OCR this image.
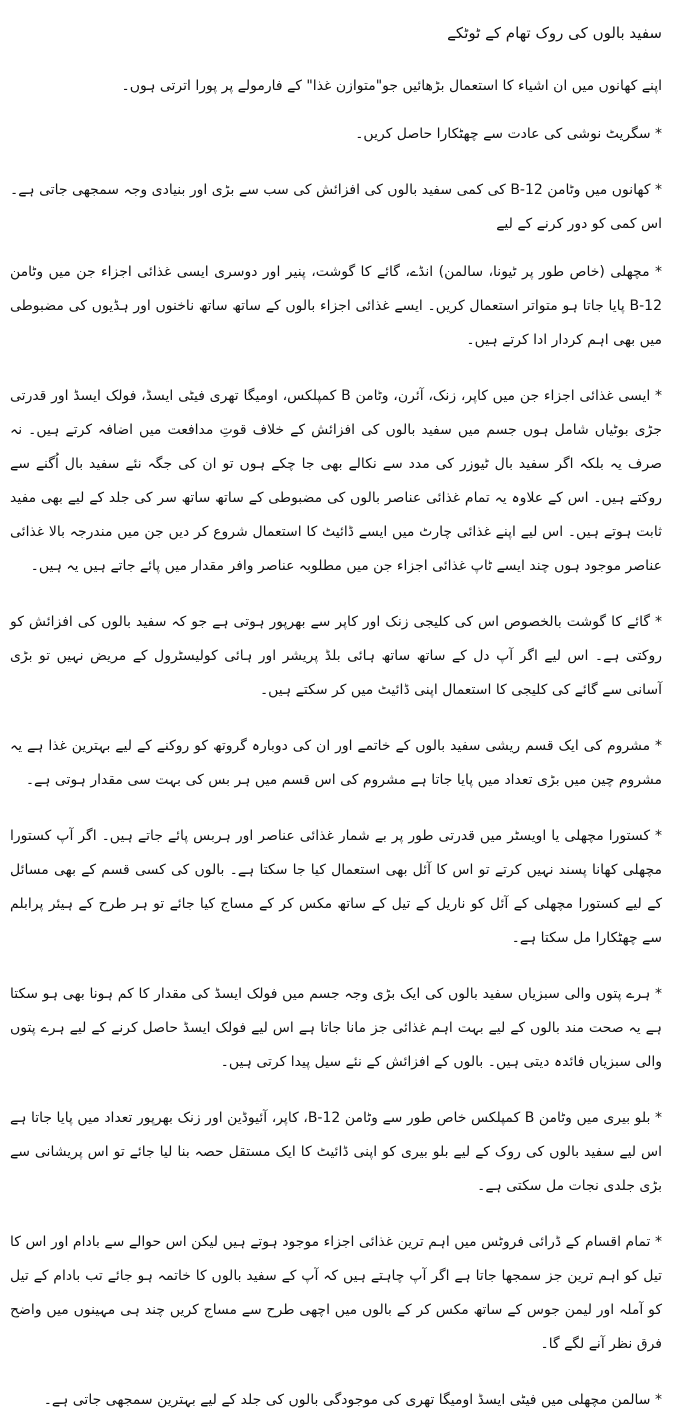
سفید بالوں کی روک تھام کے ٹوٹکے

اپنے کھانوں میں ان اشیاء کا استعمال بڑھائیں جو"متوازن غذا" کے فارمولے پر پورا اترتی ہوں۔

* سگریٹ نوشی کی عادت سے چھٹکارا حاصل کریں۔

* کھانوں میں وٹامن B-12 کی کمی سفید بالوں کی افزائش کی سب سے بڑی اور بنیادی وجہ سمجھی جاتی ہے۔ اس کمی کو دور کرنے کے لیے

* مچھلی (خاص طور پر ٹیونا، سالمن) انڈے، گائے کا گوشت، پنیر اور دوسری ایسی غذائی اجزاء جن میں وٹامن B-12 پایا جاتا ہو متواتر استعمال کریں۔ ایسے غذائی اجزاء بالوں کے ساتھ ساتھ ناخنوں اور ہڈیوں کی مضبوطی میں بھی اہم کردار ادا کرتے ہیں۔

* ایسی غذائی اجزاء جن میں کاپر، زنک، آئرن، وٹامن B کمپلکس، اومیگا تھری فیٹی ایسڈ، فولک ایسڈ اور قدرتی جڑی بوٹیاں شامل ہوں جسم میں سفید بالوں کی افزائش کے خلاف قوتِ مدافعت میں اضافہ کرتے ہیں۔ نہ صرف یہ بلکہ اگر سفید بال ٹیوزر کی مدد سے نکالے بھی جا چکے ہوں تو ان کی جگہ نئے سفید بال اُگنے سے روکتے ہیں۔ اس کے علاوہ یہ تمام غذائی عناصر بالوں کی مضبوطی کے ساتھ ساتھ سر کی جلد کے لیے بھی مفید ثابت ہوتے ہیں۔ اس لیے اپنے غذائی چارٹ میں ایسے ڈائیٹ کا استعمال شروع کر دیں جن میں مندرجہ بالا غذائی عناصر موجود ہوں چند ایسے ٹاپ غذائی اجزاء جن میں مطلوبہ عناصر وافر مقدار میں پائے جاتے ہیں یہ ہیں۔

* گائے کا گوشت بالخصوص اس کی کلیجی زنک اور کاپر سے بھرپور ہوتی ہے جو کہ سفید بالوں کی افزائش کو روکتی ہے۔ اس لیے اگر آپ دل کے ساتھ ساتھ ہائی بلڈ پریشر اور ہائی کولیسٹرول کے مریض نہیں تو بڑی آسانی سے گائے کی کلیجی کا استعمال اپنی ڈائیٹ میں کر سکتے ہیں۔

* مشروم کی ایک قسم ریشی سفید بالوں کے خاتمے اور ان کی دوبارہ گروتھ کو روکنے کے لیے بہترین غذا ہے یہ مشروم چین میں بڑی تعداد میں پایا جاتا ہے مشروم کی اس قسم میں ہر بس کی بہت سی مقدار ہوتی ہے۔

* کستورا مچھلی یا اویسٹر میں قدرتی طور پر بے شمار غذائی عناصر اور ہربس پائے جاتے ہیں۔ اگر آپ کستورا مچھلی کھانا پسند نہیں کرتے تو اس کا آئل بھی استعمال کیا جا سکتا ہے۔ بالوں کی کسی قسم کے بھی مسائل کے لیے کستورا مچھلی کے آئل کو ناریل کے تیل کے ساتھ مکس کر کے مساج کیا جائے تو ہر طرح کے ہیئر پرابلم سے چھٹکارا مل سکتا ہے۔

* ہرے پتوں والی سبزیاں سفید بالوں کی ایک بڑی وجہ جسم میں فولک ایسڈ کی مقدار کا کم ہونا بھی ہو سکتا ہے یہ صحت مند بالوں کے لیے بہت اہم غذائی جز مانا جاتا ہے اس لیے فولک ایسڈ حاصل کرنے کے لیے ہرے پتوں والی سبزیاں فائدہ دیتی ہیں۔ بالوں کے افزائش کے نئے سیل پیدا کرتی ہیں۔

* بلو بیری میں وٹامن B کمپلکس خاص طور سے وٹامن B-12، کاپر، آئیوڈین اور زنک بھرپور تعداد میں پایا جاتا ہے اس لیے سفید بالوں کی روک کے لیے بلو بیری کو اپنی ڈائیٹ کا ایک مستقل حصہ بنا لیا جائے تو اس پریشانی سے بڑی جلدی نجات مل سکتی ہے۔

* تمام اقسام کے ڈرائی فروٹس میں اہم ترین غذائی اجزاء موجود ہوتے ہیں لیکن اس حوالے سے بادام اور اس کا تیل کو اہم ترین جز سمجھا جاتا ہے اگر آپ چاہتے ہیں کہ آپ کے سفید بالوں کا خاتمہ ہو جائے تب بادام کے تیل کو آملہ اور لیمن جوس کے ساتھ مکس کر کے بالوں میں اچھی طرح سے مساج کریں چند ہی مہینوں میں واضح فرق نظر آنے لگے گا۔

* سالمن مچھلی میں فیٹی ایسڈ اومیگا تھری کی موجودگی بالوں کی جلد کے لیے بہترین سمجھی جاتی ہے۔
